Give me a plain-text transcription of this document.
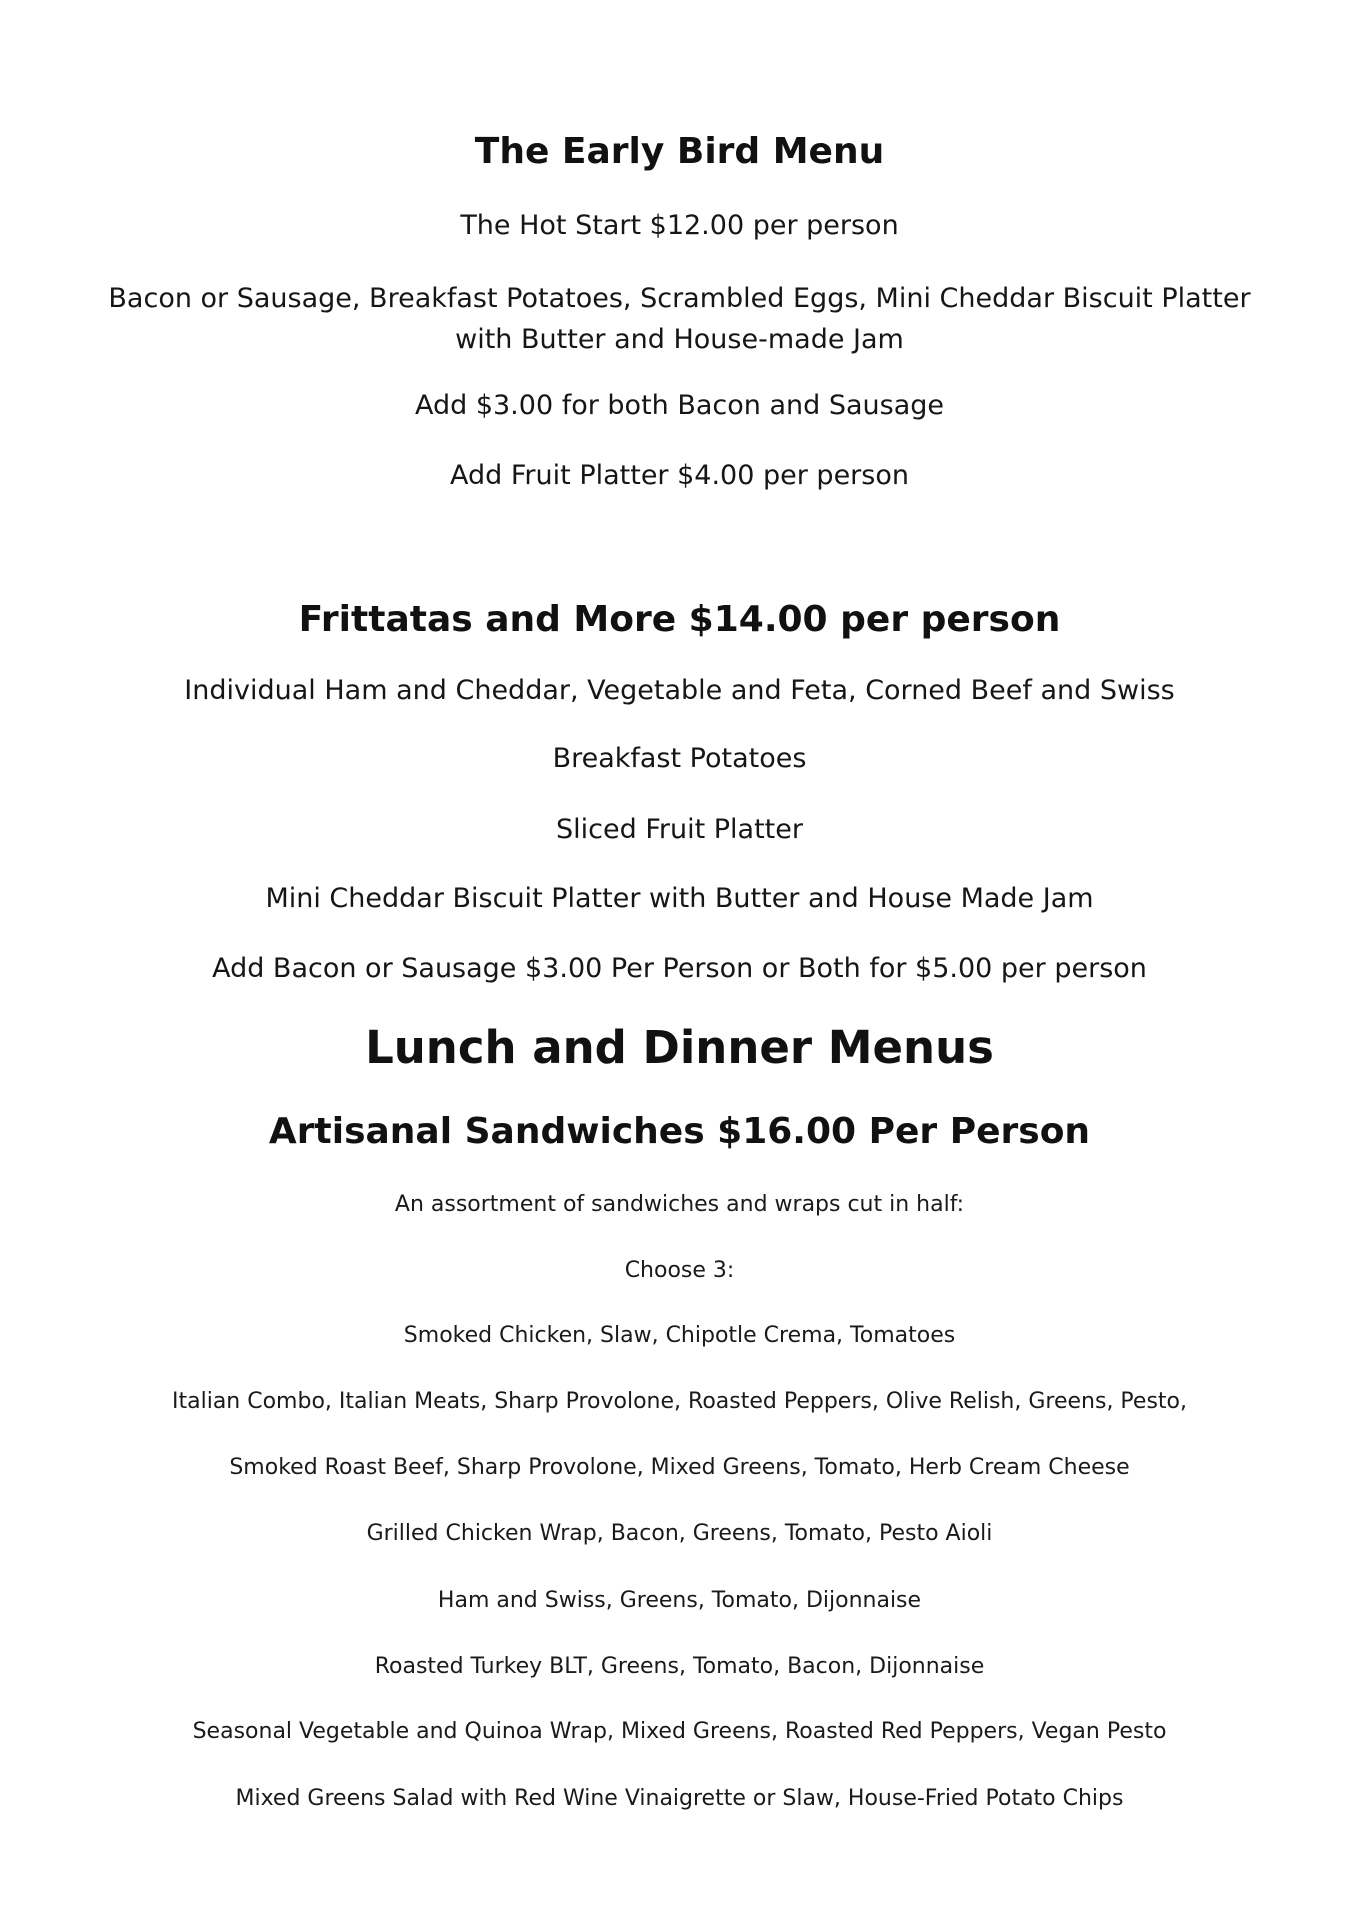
The Early Bird Menu
The Hot Start $12.00 per person
Bacon or Sausage, Breakfast Potatoes, Scrambled Eggs, Mini Cheddar Biscuit Platter with Butter and House-made Jam
Add $3.00 for both Bacon and Sausage
Add Fruit Platter $4.00 per person
Frittatas and More $14.00 per person
Individual Ham and Cheddar, Vegetable and Feta, Corned Beef and Swiss
Breakfast Potatoes
Sliced Fruit Platter
Mini Cheddar Biscuit Platter with Butter and House Made Jam
Add Bacon or Sausage $3.00 Per Person or Both for $5.00 per person
Lunch and Dinner Menus
Artisanal Sandwiches $16.00 Per Person
An assortment of sandwiches and wraps cut in half:
Choose 3:
Smoked Chicken, Slaw, Chipotle Crema, Tomatoes
Italian Combo, Italian Meats, Sharp Provolone, Roasted Peppers, Olive Relish, Greens, Pesto,
Smoked Roast Beef, Sharp Provolone, Mixed Greens, Tomato, Herb Cream Cheese
Grilled Chicken Wrap, Bacon, Greens, Tomato, Pesto Aioli
Ham and Swiss, Greens, Tomato, Dijonnaise
Roasted Turkey BLT, Greens, Tomato, Bacon, Dijonnaise
Seasonal Vegetable and Quinoa Wrap, Mixed Greens, Roasted Red Peppers, Vegan Pesto
Mixed Greens Salad with Red Wine Vinaigrette or Slaw, House-Fried Potato Chips
